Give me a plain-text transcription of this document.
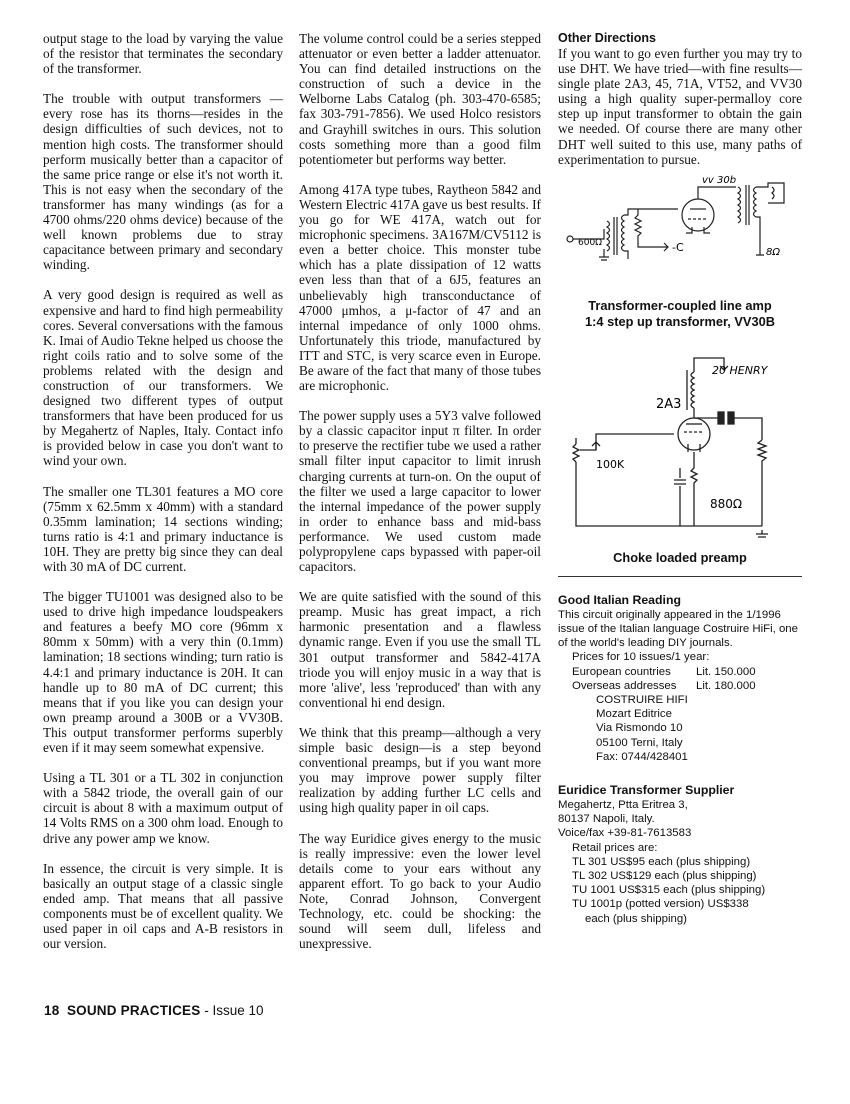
output stage to the load by varying the value of the resistor that terminates the secondary of the transformer.

The trouble with output transformers —every rose has its thorns—resides in the design difficulties of such devices, not to mention high costs. The transformer should perform musically better than a capacitor of the same price range or else it's not worth it. This is not easy when the secondary of the transformer has many windings (as for a 4700 ohms/220 ohms device) because of the well known problems due to stray capacitance between primary and secondary winding.

A very good design is required as well as expensive and hard to find high permeability cores. Several conversations with the famous K. Imai of Audio Tekne helped us choose the right coils ratio and to solve some of the problems related with the design and construction of our transformers. We designed two different types of output transformers that have been produced for us by Megahertz of Naples, Italy. Contact info is provided below in case you don't want to wind your own.

The smaller one TL301 features a MO core (75mm x 62.5mm x 40mm) with a standard 0.35mm lamination; 14 sections winding; turns ratio is 4:1 and primary inductance is 10H. They are pretty big since they can deal with 30 mA of DC current.

The bigger TU1001 was designed also to be used to drive high impedance loudspeakers and features a beefy MO core (96mm x 80mm x 50mm) with a very thin (0.1mm) lamination; 18 sections winding; turn ratio is 4.4:1 and primary inductance is 20H. It can handle up to 80 mA of DC current; this means that if you like you can design your own preamp around a 300B or a VV30B. This output transformer performs superbly even if it may seem somewhat expensive.

Using a TL 301 or a TL 302 in conjunction with a 5842 triode, the overall gain of our circuit is about 8 with a maximum output of 14 Volts RMS on a 300 ohm load. Enough to drive any power amp we know.

In essence, the circuit is very simple. It is basically an output stage of a classic single ended amp. That means that all passive components must be of excellent quality. We used paper in oil caps and A-B resistors in our version.

The volume control could be a series stepped attenuator or even better a ladder attenuator. You can find detailed instructions on the construction of such a device in the Welborne Labs Catalog (ph. 303-470-6585; fax 303-791-7856). We used Holco resistors and Grayhill switches in ours. This solution costs something more than a good film potentiometer but performs way better.

Among 417A type tubes, Raytheon 5842 and Western Electric 417A gave us best results. If you go for WE 417A, watch out for microphonic specimens. 3A167M/CV5112 is even a better choice. This monster tube which has a plate dissipation of 12 watts even less than that of a 6J5, features an unbelievably high transconductance of 47000 μmhos, a μ-factor of 47 and an internal impedance of only 1000 ohms. Unfortunately this triode, manufactured by ITT and STC, is very scarce even in Europe. Be aware of the fact that many of those tubes are microphonic.

The power supply uses a 5Y3 valve followed by a classic capacitor input π filter. In order to preserve the rectifier tube we used a rather small filter input capacitor to limit inrush charging currents at turn-on. On the ouput of the filter we used a large capacitor to lower the internal impedance of the power supply in order to enhance bass and mid-bass performance. We used custom made polypropylene caps bypassed with paper-oil capacitors.

We are quite satisfied with the sound of this preamp. Music has great impact, a rich harmonic presentation and a flawless dynamic range. Even if you use the small TL 301 output transformer and 5842-417A triode you will enjoy music in a way that is more 'alive', less 'reproduced' than with any conventional hi end design.

We think that this preamp—although a very simple basic design—is a step beyond conventional preamps, but if you want more you may improve power supply filter realization by adding further LC cells and using high quality paper in oil caps.

The way Euridice gives energy to the music is really impressive: even the lower level details come to your ears without any apparent effort. To go back to your Audio Note, Conrad Johnson, Convergent Technology, etc. could be shocking: the sound will seem dull, lifeless and unexpressive.

Other Directions

If you want to go even further you may try to use DHT. We have tried—with fine results—single plate 2A3, 45, 71A, VT52, and VV30 using a high quality super-permalloy core step up input transformer to obtain the gain we needed. Of course there are many other DHT well suited to this use, many paths of experimentation to pursue.

vv 30b
600Ω	-C	8Ω
Transformer-coupled line amp
1:4 step up transformer, VV30B
2A3
20 HENRY
100K
880Ω
Choke loaded preamp
Good Italian Reading
This circuit originally appeared in the 1/1996 issue of the Italian language Costruire HiFi, one of the world's leading DIY journals.
Prices for 10 issues/1 year:
European countries	Lit. 150.000
Overseas addresses	Lit. 180.000
COSTRUIRE HIFI
Mozart Editrice
Via Rismondo 10
05100 Terni, Italy
Fax: 0744/428401
Euridice Transformer Supplier
Megahertz, Ptta Eritrea 3,
80137 Napoli, Italy.
Voice/fax +39-81-7613583
Retail prices are:
TL 301 US$95 each (plus shipping)
TL 302 US$129 each (plus shipping)
TU 1001 US$315 each (plus shipping)
TU 1001p (potted version) US$338
each (plus shipping)
18 SOUND PRACTICES - Issue 10
